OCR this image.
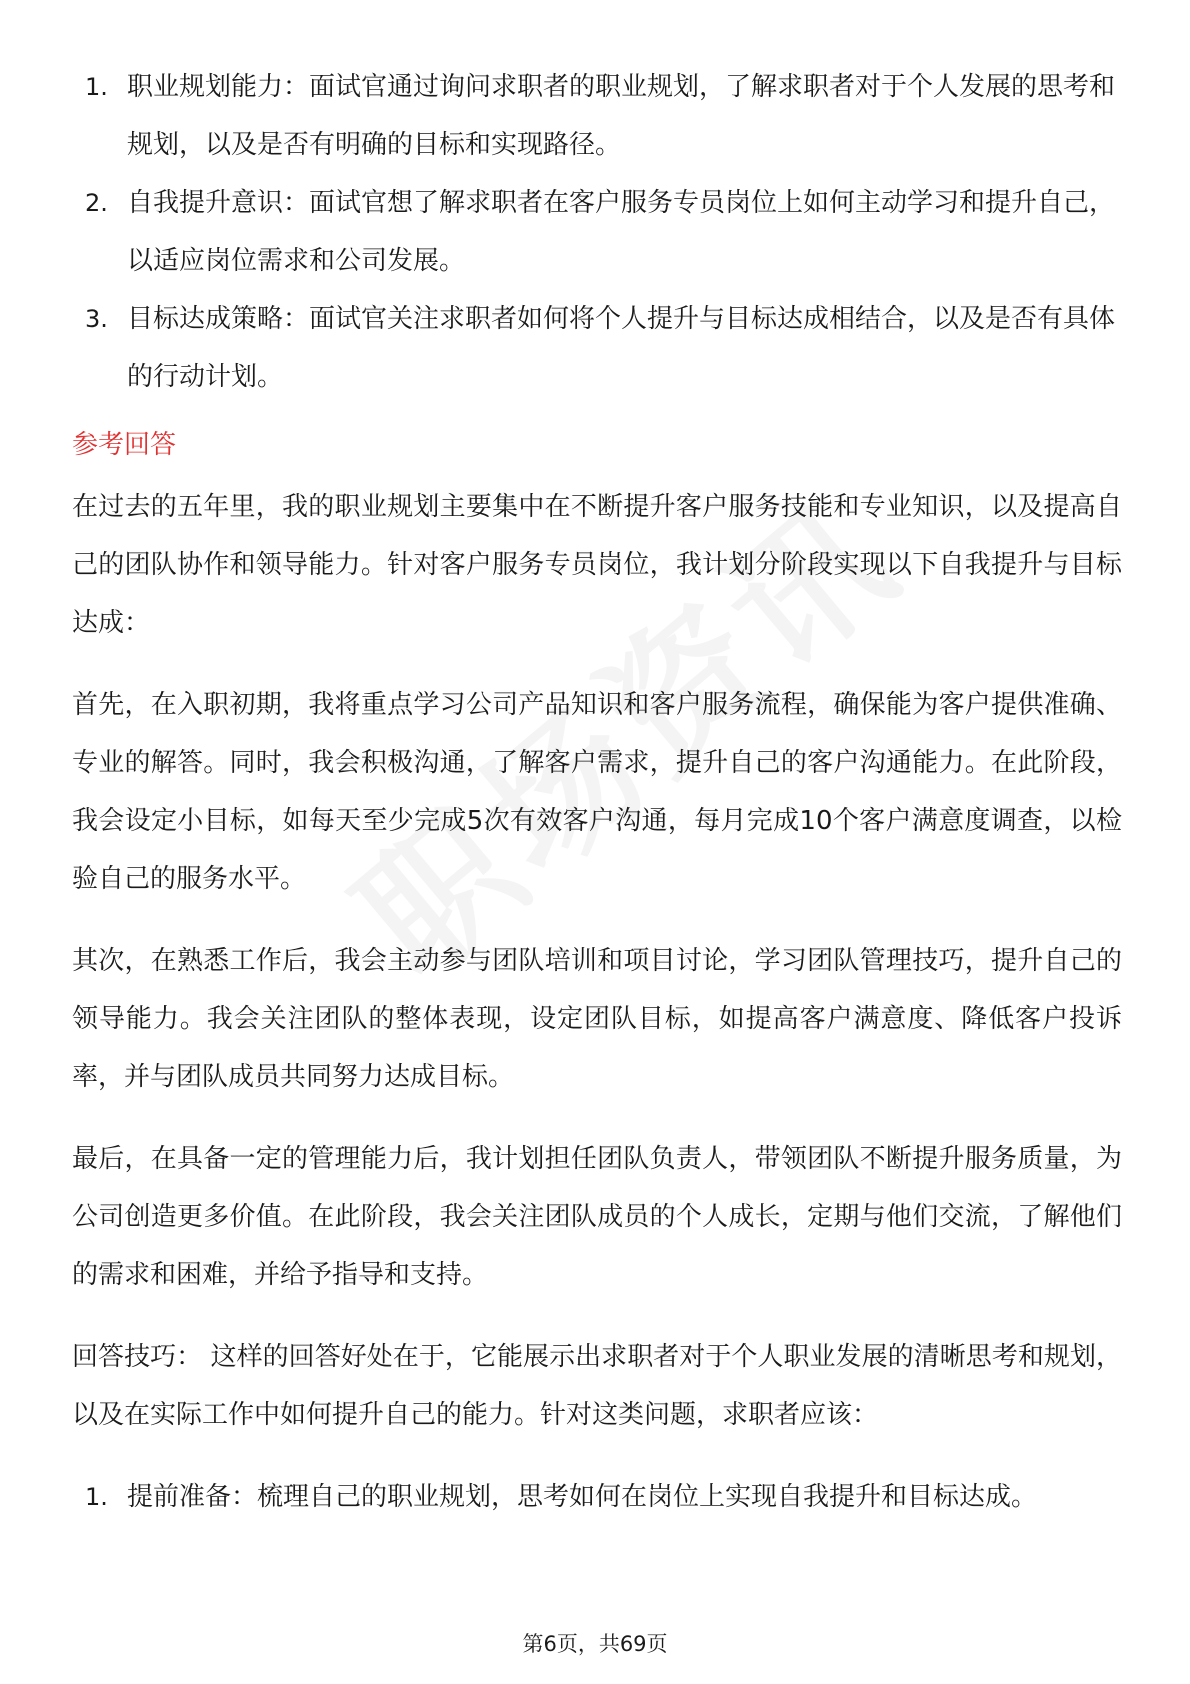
1. 职业规划能力：面试官通过询问求职者的职业规划，了解求职者对于个人发展的思考和规划，以及是否有明确的目标和实现路径。
2. 自我提升意识：面试官想了解求职者在客户服务专员岗位上如何主动学习和提升自己，以适应岗位需求和公司发展。
3. 目标达成策略：面试官关注求职者如何将个人提升与目标达成相结合，以及是否有具体的行动计划。
参考回答

在过去的五年里，我的职业规划主要集中在不断提升客户服务技能和专业知识，以及提高自己的团队协作和领导能力。针对客户服务专员岗位，我计划分阶段实现以下自我提升与目标达成：

首先，在入职初期，我将重点学习公司产品知识和客户服务流程，确保能为客户提供准确、专业的解答。同时，我会积极沟通，了解客户需求，提升自己的客户沟通能力。在此阶段，我会设定小目标，如每天至少完成5次有效客户沟通，每月完成10个客户满意度调查，以检验自己的服务水平。

其次，在熟悉工作后，我会主动参与团队培训和项目讨论，学习团队管理技巧，提升自己的领导能力。我会关注团队的整体表现，设定团队目标，如提高客户满意度、降低客户投诉率，并与团队成员共同努力达成目标。

最后，在具备一定的管理能力后，我计划担任团队负责人，带领团队不断提升服务质量，为公司创造更多价值。在此阶段，我会关注团队成员的个人成长，定期与他们交流，了解他们的需求和困难，并给予指导和支持。

回答技巧： 这样的回答好处在于，它能展示出求职者对于个人职业发展的清晰思考和规划，以及在实际工作中如何提升自己的能力。针对这类问题，求职者应该：

1. 提前准备：梳理自己的职业规划，思考如何在岗位上实现自我提升和目标达成。
第6页，共69页
